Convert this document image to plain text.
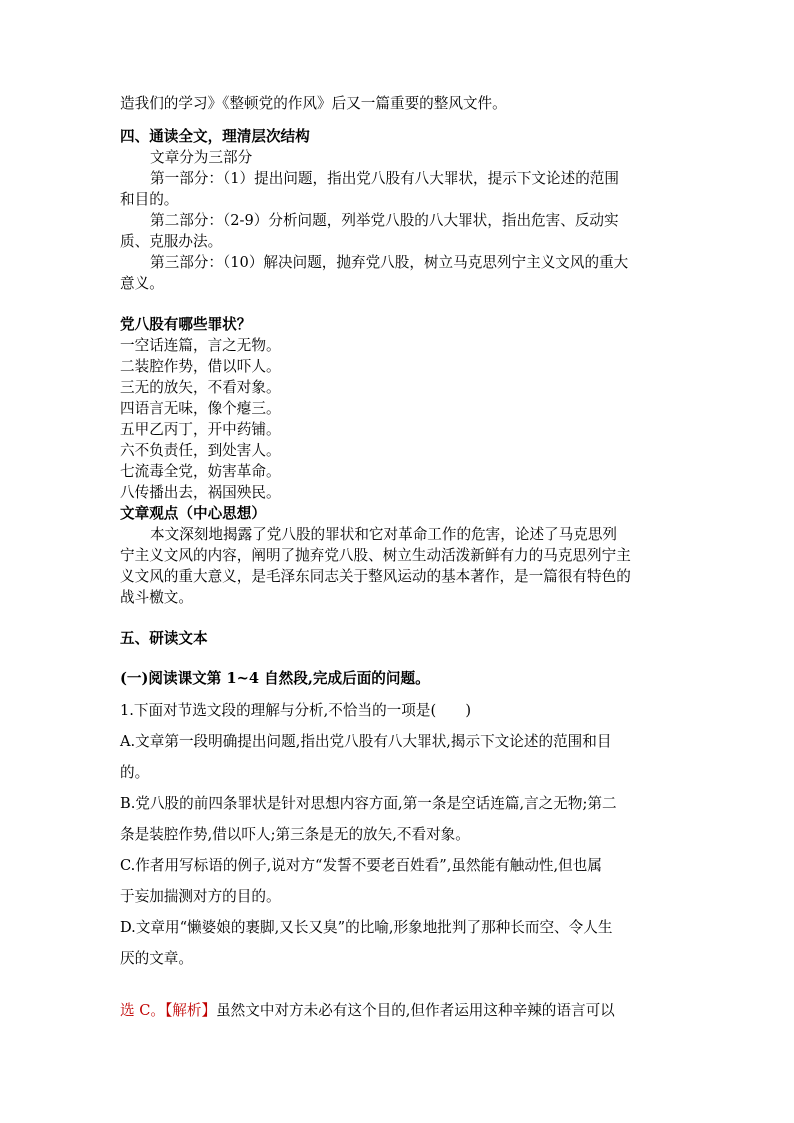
造我们的学习》《整顿党的作风》后又一篇重要的整风文件。
四、通读全文，理清层次结构
文章分为三部分
第一部分：（1）提出问题，指出党八股有八大罪状，提示下文论述的范围
和目的。
第二部分：（2-9）分析问题，列举党八股的八大罪状，指出危害、反动实
质、克服办法。
第三部分：（10）解决问题，抛弃党八股，树立马克思列宁主义文风的重大
意义。
党八股有哪些罪状？
一空话连篇，言之无物。
二装腔作势，借以吓人。
三无的放矢，不看对象。
四语言无味，像个瘪三。
五甲乙丙丁，开中药铺。
六不负责任，到处害人。
七流毒全党，妨害革命。
八传播出去，祸国殃民。
文章观点（中心思想）
本文深刻地揭露了党八股的罪状和它对革命工作的危害，论述了马克思列
宁主义文风的内容，阐明了抛弃党八股、树立生动活泼新鲜有力的马克思列宁主
义文风的重大意义，是毛泽东同志关于整风运动的基本著作，是一篇很有特色的
战斗檄文。
五、研读文本
(一)阅读课文第 1~4 自然段,完成后面的问题。
1.下面对节选文段的理解与分析,不恰当的一项是(　　)
A.文章第一段明确提出问题,指出党八股有八大罪状,揭示下文论述的范围和目
的。
B.党八股的前四条罪状是针对思想内容方面,第一条是空话连篇,言之无物;第二
条是装腔作势,借以吓人;第三条是无的放矢,不看对象。
C.作者用写标语的例子,说对方“发誓不要老百姓看”,虽然能有触动性,但也属
于妄加揣测对方的目的。
D.文章用“懒婆娘的裹脚,又长又臭”的比喻,形象地批判了那种长而空、令人生
厌的文章。
选 C。【解析】虽然文中对方未必有这个目的,但作者运用这种辛辣的语言可以
